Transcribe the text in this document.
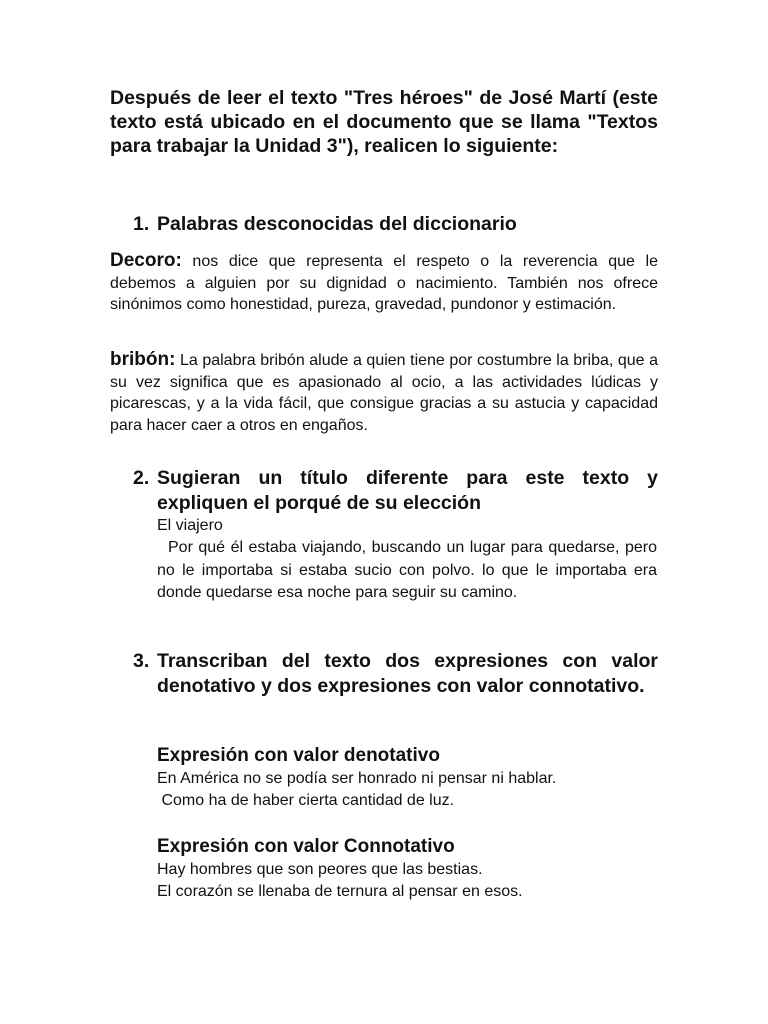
Después de leer el texto "Tres héroes" de José Martí (este texto está ubicado en el documento que se llama "Textos para trabajar la Unidad 3"), realicen lo siguiente:

1. Palabras desconocidas del diccionario

Decoro: nos dice que representa el respeto o la reverencia que le debemos a alguien por su dignidad o nacimiento. También nos ofrece sinónimos como honestidad, pureza, gravedad, pundonor y estimación.

bribón: La palabra bribón alude a quien tiene por costumbre la briba, que a su vez significa que es apasionado al ocio, a las actividades lúdicas y picarescas, y a la vida fácil, que consigue gracias a su astucia y capacidad para hacer caer a otros en engaños.

2. Sugieran un título diferente para este texto y expliquen el porqué de su elección

El viajero

Por qué él estaba viajando, buscando un lugar para quedarse, pero no le importaba si estaba sucio con polvo. lo que le importaba era donde quedarse esa noche para seguir su camino.

3. Transcriban del texto dos expresiones con valor denotativo y dos expresiones con valor connotativo.

Expresión con valor denotativo

En América no se podía ser honrado ni pensar ni hablar.

Como ha de haber cierta cantidad de luz.

Expresión con valor Connotativo

Hay hombres que son peores que las bestias.

El corazón se llenaba de ternura al pensar en esos.
